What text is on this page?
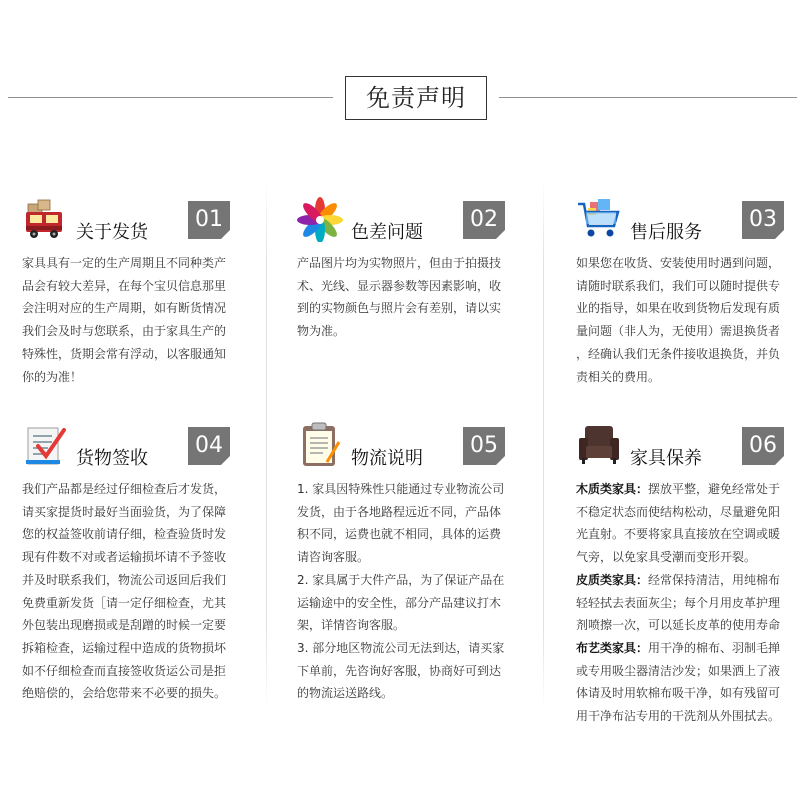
免责声明
关于发货
01

家具具有一定的生产周期且不同种类产

品会有较大差异，在每个宝贝信息那里

会注明对应的生产周期，如有断货情况

我们会及时与您联系，由于家具生产的

特殊性，货期会常有浮动，以客服通知

你的为准！

色差问题
02

产品图片均为实物照片，但由于拍摄技

术、光线、显示器参数等因素影响，收

到的实物颜色与照片会有差别，请以实

物为准。

售后服务
03

如果您在收货、安装使用时遇到问题，

请随时联系我们，我们可以随时提供专

业的指导，如果在收到货物后发现有质

量问题（非人为，无使用）需退换货者

，经确认我们无条件接收退换货，并负

责相关的费用。

货物签收
04

我们产品都是经过仔细检查后才发货，

请买家提货时最好当面验货，为了保障

您的权益签收前请仔细，检查验货时发

现有件数不对或者运输损坏请不予签收

并及时联系我们，物流公司返回后我们

免费重新发货［请一定仔细检查，尤其

外包装出现磨损或是刮蹭的时候一定要

拆箱检查，运输过程中造成的货物损坏

如不仔细检查而直接签收货运公司是拒

绝赔偿的，会给您带来不必要的损失。

物流说明
05

1. 家具因特殊性只能通过专业物流公司

发货，由于各地路程远近不同，产品体

积不同，运费也就不相同，具体的运费

请咨询客服。

2. 家具属于大件产品，为了保证产品在

运输途中的安全性，部分产品建议打木

架，详情咨询客服。

3. 部分地区物流公司无法到达，请买家

下单前，先咨询好客服，协商好可到达

的物流运送路线。

家具保养
06

木质类家具：摆放平整，避免经常处于

不稳定状态而使结构松动，尽量避免阳

光直射。不要将家具直接放在空调或暖

气旁，以免家具受潮而变形开裂。

皮质类家具：经常保持清洁，用纯棉布

轻轻拭去表面灰尘；每个月用皮革护理

剂喷擦一次，可以延长皮革的使用寿命

布艺类家具：用干净的棉布、羽制毛掸

或专用吸尘器清洁沙发；如果洒上了液

体请及时用软棉布吸干净，如有残留可

用干净布沾专用的干洗剂从外围拭去。
